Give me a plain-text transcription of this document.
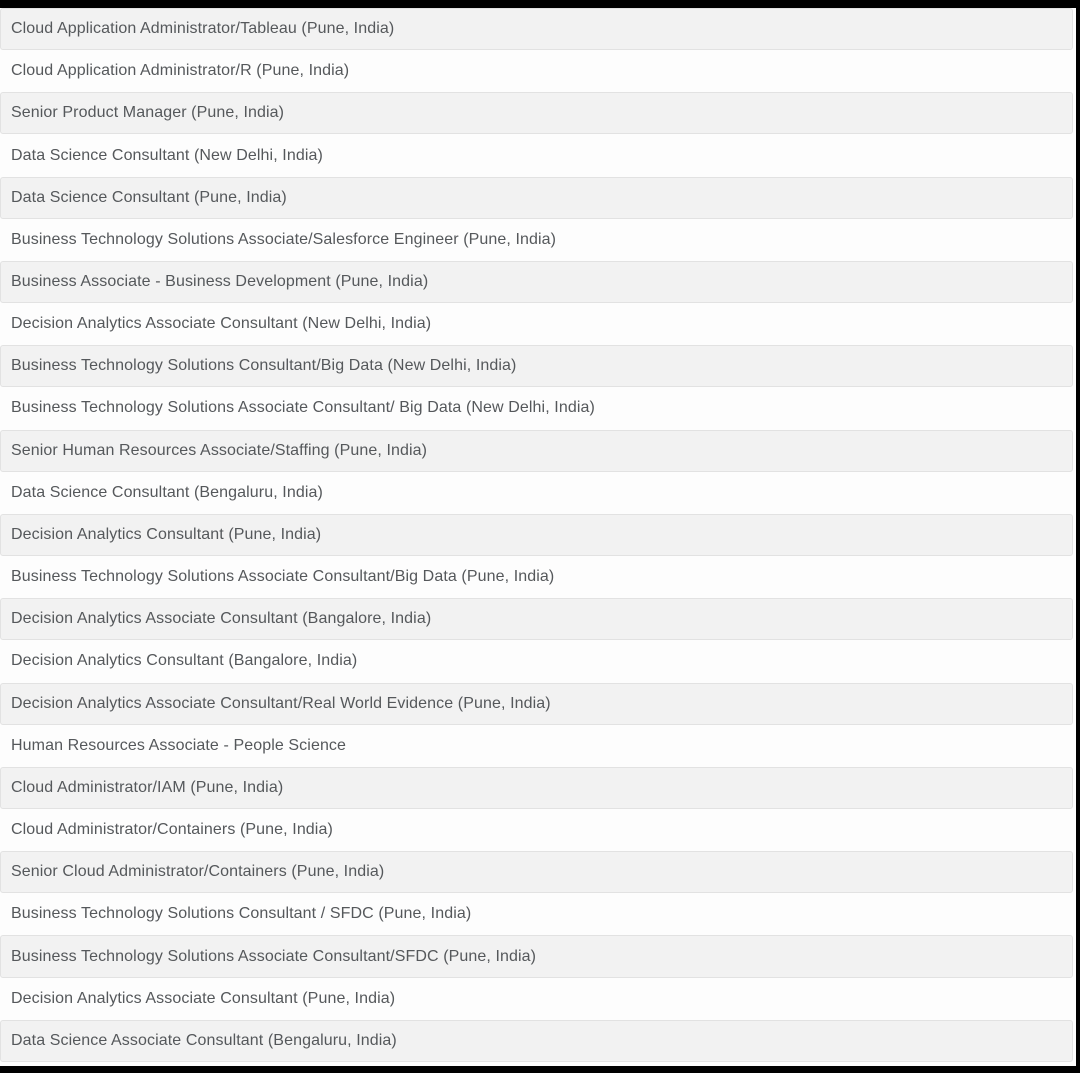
Cloud Application Administrator/Tableau (Pune, India)
Cloud Application Administrator/R (Pune, India)
Senior Product Manager (Pune, India)
Data Science Consultant (New Delhi, India)
Data Science Consultant (Pune, India)
Business Technology Solutions Associate/Salesforce Engineer (Pune, India)
Business Associate - Business Development (Pune, India)
Decision Analytics Associate Consultant (New Delhi, India)
Business Technology Solutions Consultant/Big Data (New Delhi, India)
Business Technology Solutions Associate Consultant/ Big Data (New Delhi, India)
Senior Human Resources Associate/Staffing (Pune, India)
Data Science Consultant (Bengaluru, India)
Decision Analytics Consultant (Pune, India)
Business Technology Solutions Associate Consultant/Big Data (Pune, India)
Decision Analytics Associate Consultant (Bangalore, India)
Decision Analytics Consultant (Bangalore, India)
Decision Analytics Associate Consultant/Real World Evidence (Pune, India)
Human Resources Associate - People Science
Cloud Administrator/IAM (Pune, India)
Cloud Administrator/Containers (Pune, India)
Senior Cloud Administrator/Containers (Pune, India)
Business Technology Solutions Consultant / SFDC (Pune, India)
Business Technology Solutions Associate Consultant/SFDC (Pune, India)
Decision Analytics Associate Consultant (Pune, India)
Data Science Associate Consultant (Bengaluru, India)
